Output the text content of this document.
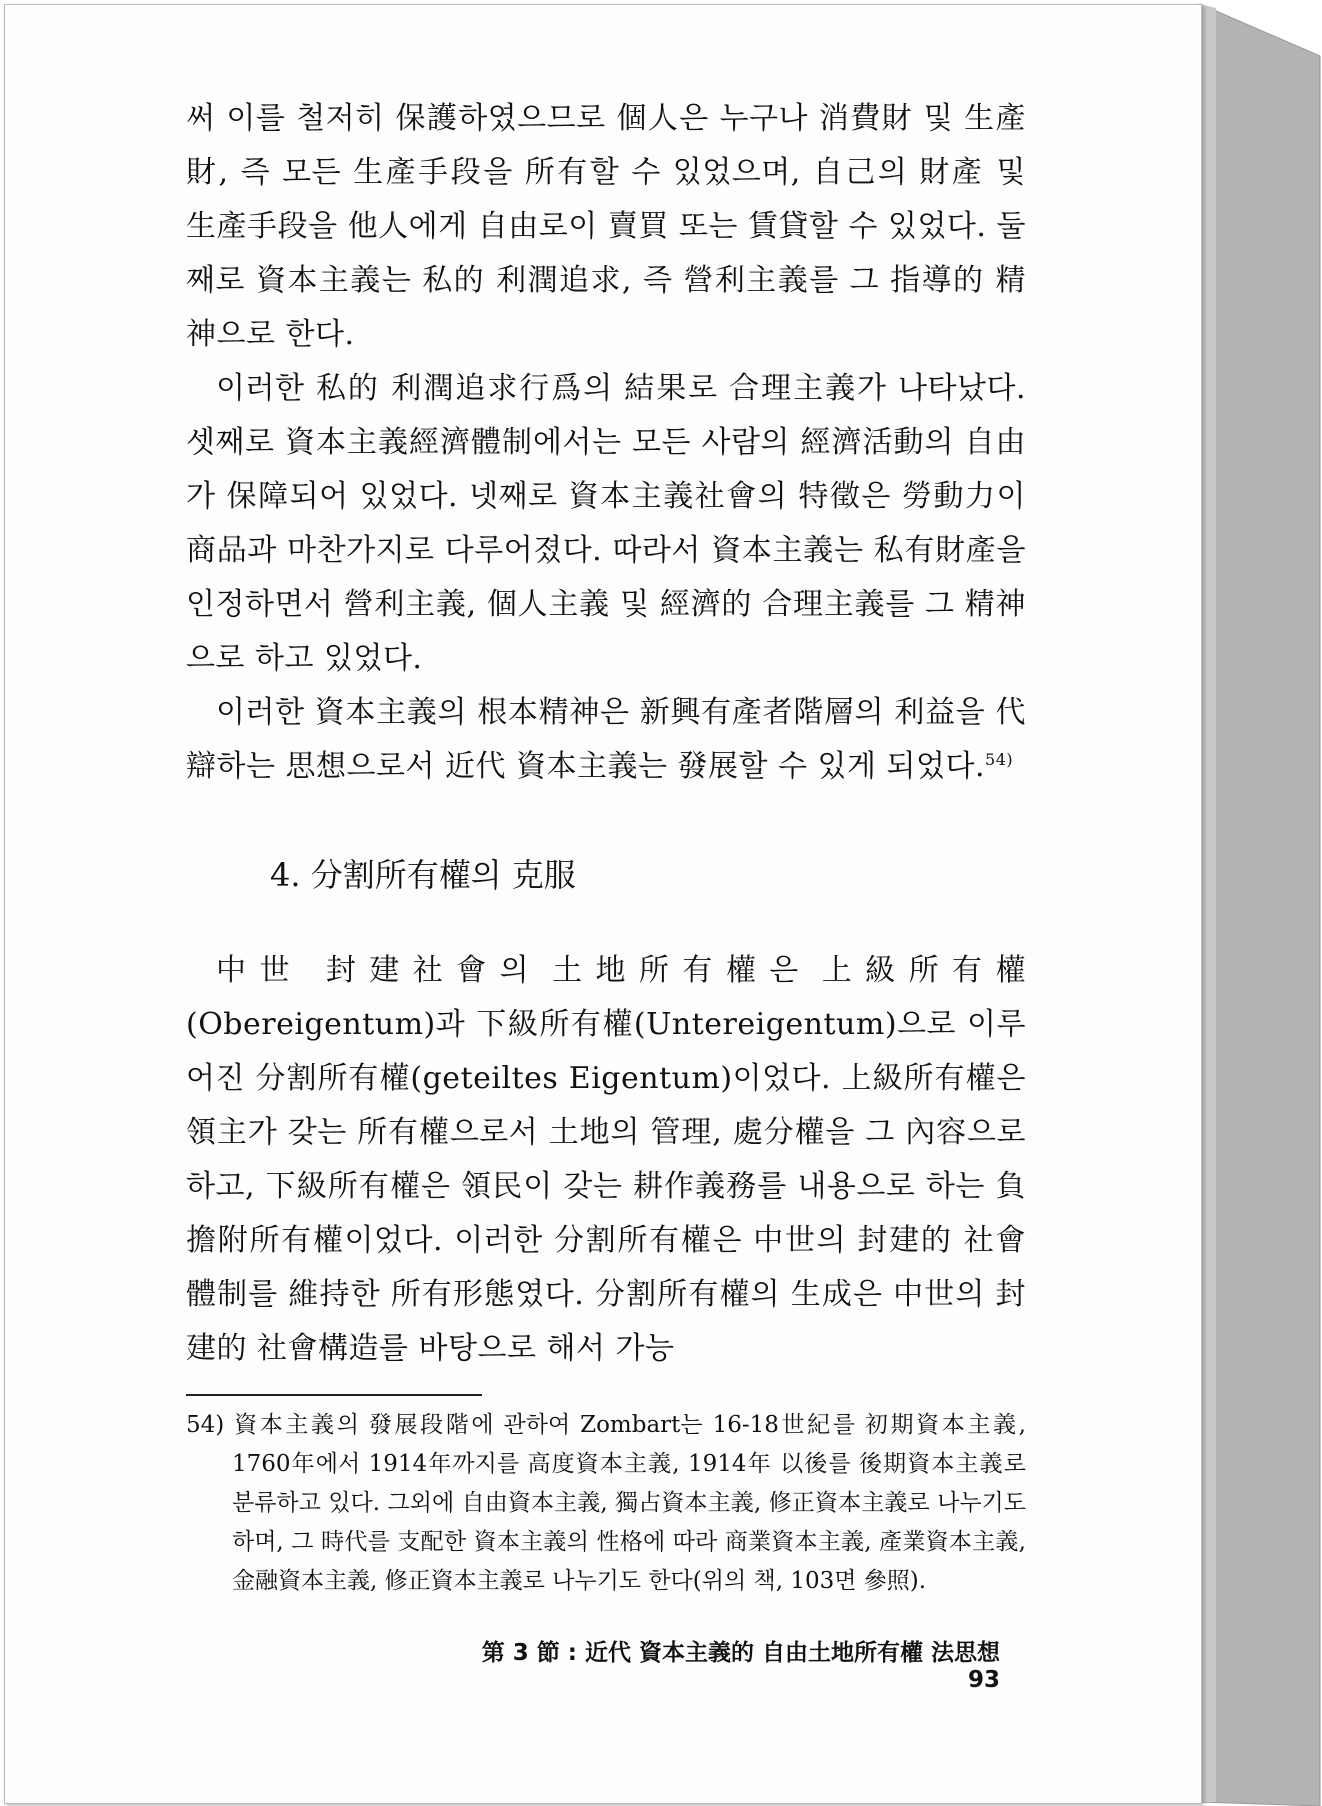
써 이를 철저히 保護하였으므로 個人은 누구나 消費財 및 生產財, 즉 모든 生產手段을 所有할 수 있었으며, 自己의 財產 및 生產手段을 他人에게 自由로이 賣買 또는 賃貸할 수 있었다. 둘째로 資本主義는 私的 利潤追求, 즉 營利主義를 그 指導的 精神으로 한다.

이러한 私的 利潤追求行爲의 結果로 合理主義가 나타났다. 셋째로 資本主義經濟體制에서는 모든 사람의 經濟活動의 自由가 保障되어 있었다. 넷째로 資本主義社會의 特徵은 勞動力이 商品과 마찬가지로 다루어졌다. 따라서 資本主義는 私有財產을 인정하면서 營利主義, 個人主義 및 經濟的 合理主義를 그 精神으로 하고 있었다.

이러한 資本主義의 根本精神은 新興有產者階層의 利益을 代辯하는 思想으로서 近代 資本主義는 發展할 수 있게 되었다.$^{54)}$

4. 分割所有權의 克服

中世 封建社會의 土地所有權은 上級所有權(Obereigentum)과 下級所有權(Untereigentum)으로 이루어진 分割所有權(geteiltes Eigentum)이었다. 上級所有權은 領主가 갖는 所有權으로서 土地의 管理, 處分權을 그 內容으로 하고, 下級所有權은 領民이 갖는 耕作義務를 내용으로 하는 負擔附所有權이었다. 이러한 分割所有權은 中世의 封建的 社會體制를 維持한 所有形態였다. 分割所有權의 生成은 中世의 封建的 社會構造를 바탕으로 해서 가능

54) 資本主義의 發展段階에 관하여 Zombart는 16-18世紀를 初期資本主義, 1760年에서 1914年까지를 高度資本主義, 1914年 以後를 後期資本主義로 분류하고 있다. 그외에 自由資本主義, 獨占資本主義, 修正資本主義로 나누기도 하며, 그 時代를 支配한 資本主義의 性格에 따라 商業資本主義, 產業資本主義, 金融資本主義, 修正資本主義로 나누기도 한다(위의 책, 103면 參照).

第 3 節 : 近代 資本主義的 自由土地所有權 法思想93
